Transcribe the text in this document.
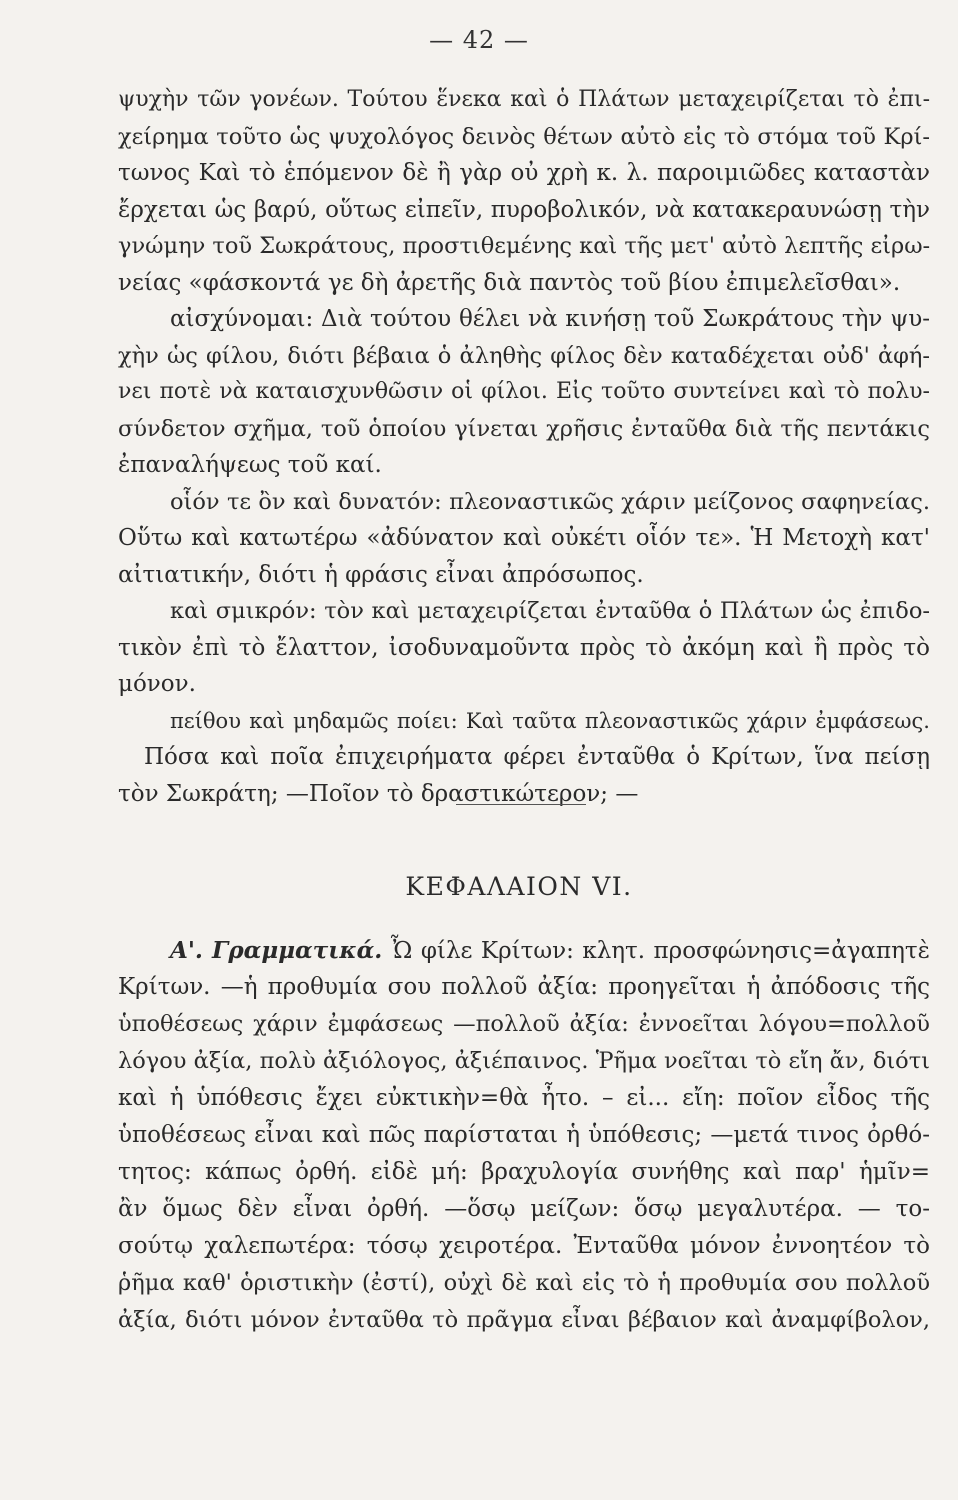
— 42 —
ψυχὴν τῶν γονέων. Τούτου ἕνεκα καὶ ὁ Πλάτων μεταχειρίζεται τὸ ἐπι-
χείρημα τοῦτο ὡς ψυχολόγος δεινὸς θέτων αὐτὸ εἰς τὸ στόμα τοῦ Κρί-
τωνος Καὶ τὸ ἑπόμενον δὲ ἢ γὰρ οὐ χρὴ κ. λ. παροιμιῶδες καταστὰν
ἔρχεται ὡς βαρύ, οὕτως εἰπεῖν, πυροβολικόν, νὰ κατακεραυνώσῃ τὴν
γνώμην τοῦ Σωκράτους, προστιθεμένης καὶ τῆς μετ' αὐτὸ λεπτῆς εἰρω-
νείας «φάσκοντά γε δὴ ἀρετῆς διὰ παντὸς τοῦ βίου ἐπιμελεῖσθαι».
αἰσχύνομαι: Διὰ τούτου θέλει νὰ κινήσῃ τοῦ Σωκράτους τὴν ψυ-
χὴν ὡς φίλου, διότι βέβαια ὁ ἀληθὴς φίλος δὲν καταδέχεται οὐδ' ἀφή-
νει ποτὲ νὰ καταισχυνθῶσιν οἱ φίλοι. Εἰς τοῦτο συντείνει καὶ τὸ πολυ-
σύνδετον σχῆμα, τοῦ ὁποίου γίνεται χρῆσις ἐνταῦθα διὰ τῆς πεντάκις
ἐπαναλήψεως τοῦ καί.
οἷόν τε ὂν καὶ δυνατόν: πλεοναστικῶς χάριν μείζονος σαφηνείας.
Οὕτω καὶ κατωτέρω «ἀδύνατον καὶ οὐκέτι οἷόν τε». Ἡ Μετοχὴ κατ'
αἰτιατικήν, διότι ἡ φράσις εἶναι ἀπρόσωπος.
καὶ σμικρόν: τὸν καὶ μεταχειρίζεται ἐνταῦθα ὁ Πλάτων ὡς ἐπιδο-
τικὸν ἐπὶ τὸ ἔλαττον, ἰσοδυναμοῦντα πρὸς τὸ ἀκόμη καὶ ἢ πρὸς τὸ
μόνον.
πείθου καὶ μηδαμῶς ποίει: Καὶ ταῦτα πλεοναστικῶς χάριν ἐμφάσεως.
Πόσα καὶ ποῖα ἐπιχειρήματα φέρει ἐνταῦθα ὁ Κρίτων, ἵνα πείσῃ
τὸν Σωκράτη; —Ποῖον τὸ δραστικώτερον; —
ΚΕΦΑΛΑΙΟΝ VI.
Α'. Γραμματικά. Ὦ φίλε Κρίτων: κλητ. προσφώνησις=ἀγαπητὲ
Κρίτων. —ἡ προθυμία σου πολλοῦ ἀξία: προηγεῖται ἡ ἀπόδοσις τῆς
ὑποθέσεως χάριν ἐμφάσεως —πολλοῦ ἀξία: ἐννοεῖται λόγου=πολλοῦ
λόγου ἀξία, πολὺ ἀξιόλογος, ἀξιέπαινος. Ῥῆμα νοεῖται τὸ εἴη ἄν, διότι
καὶ ἡ ὑπόθεσις ἔχει εὐκτικὴν=θὰ ἦτο. – εἰ... εἴη: ποῖον εἶδος τῆς
ὑποθέσεως εἶναι καὶ πῶς παρίσταται ἡ ὑπόθεσις; —μετά τινος ὀρθό-
τητος: κάπως ὀρθή. εἰδὲ μή: βραχυλογία συνήθης καὶ παρ' ἡμῖν=
ἂν ὅμως δὲν εἶναι ὀρθή. —ὅσῳ μείζων: ὅσῳ μεγαλυτέρα. — το-
σούτῳ χαλεπωτέρα: τόσῳ χειροτέρα. Ἐνταῦθα μόνον ἐννοητέον τὸ
ῥῆμα καθ' ὁριστικὴν (ἐστί), οὐχὶ δὲ καὶ εἰς τὸ ἡ προθυμία σου πολλοῦ
ἀξία, διότι μόνον ἐνταῦθα τὸ πρᾶγμα εἶναι βέβαιον καὶ ἀναμφίβολον,
